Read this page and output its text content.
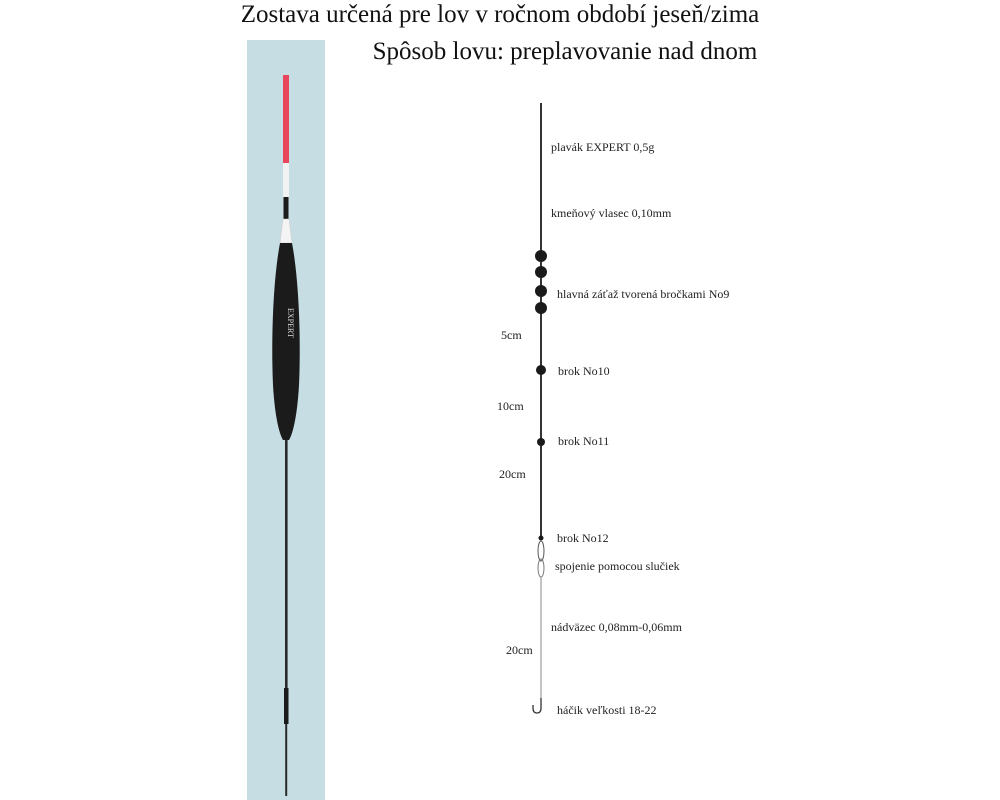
Zostava určená pre lov v ročnom období jeseň/zima
Spôsob lovu: preplavovanie nad dnom
EXPERT
plavák EXPERT 0,5g
kmeňový vlasec 0,10mm
hlavná záťaž tvorená bročkami No9
brok No10
brok No11
brok No12
spojenie pomocou slučiek
nádväzec 0,08mm-0,06mm
háčik veľkosti 18-22
5cm
10cm
20cm
20cm
